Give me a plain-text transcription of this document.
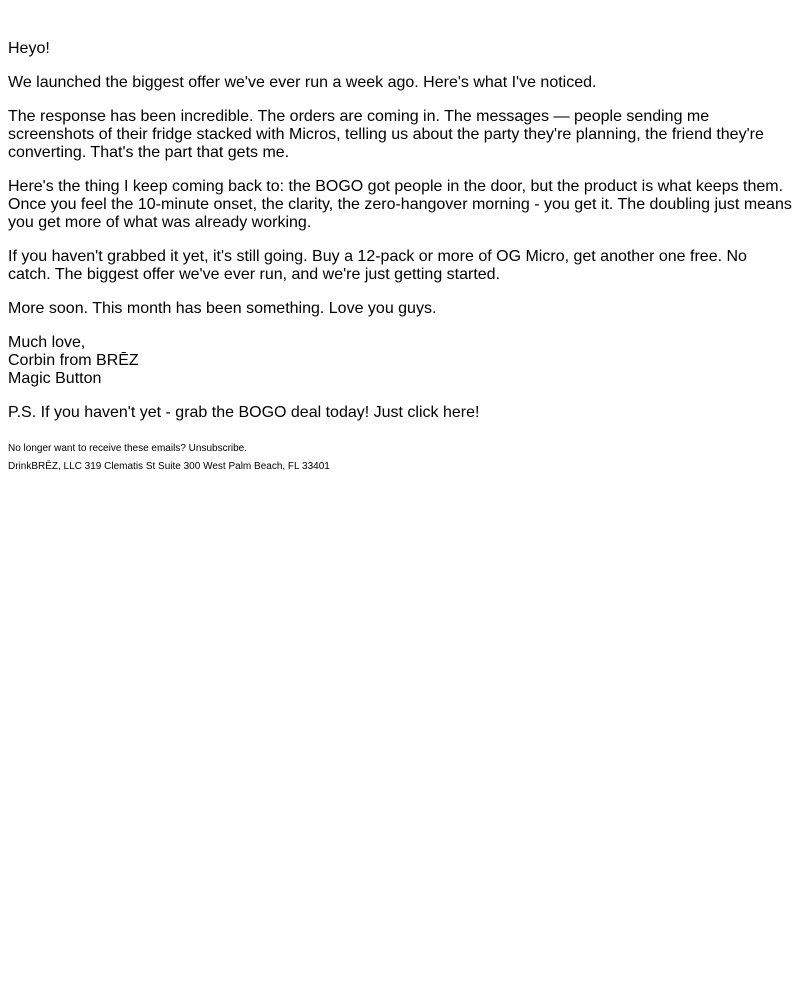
Heyo!

We launched the biggest offer we've ever run a week ago. Here's what I've noticed.

The response has been incredible. The orders are coming in. The messages — people sending me screenshots of their fridge stacked with Micros, telling us about the party they're planning, the friend they're converting. That's the part that gets me.

Here's the thing I keep coming back to: the BOGO got people in the door, but the product is what keeps them. Once you feel the 10-minute onset, the clarity, the zero-hangover morning - you get it. The doubling just means you get more of what was already working.

If you haven't grabbed it yet, it's still going. Buy a 12-pack or more of OG Micro, get another one free. No catch. The biggest offer we've ever run, and we're just getting started.

More soon. This month has been something. Love you guys.

Much love,
Corbin from BRĒZ
Magic Button

P.S. If you haven't yet - grab the BOGO deal today! Just click here!

No longer want to receive these emails? Unsubscribe.

DrinkBRĒZ, LLC 319 Clematis St Suite 300 West Palm Beach, FL 33401
